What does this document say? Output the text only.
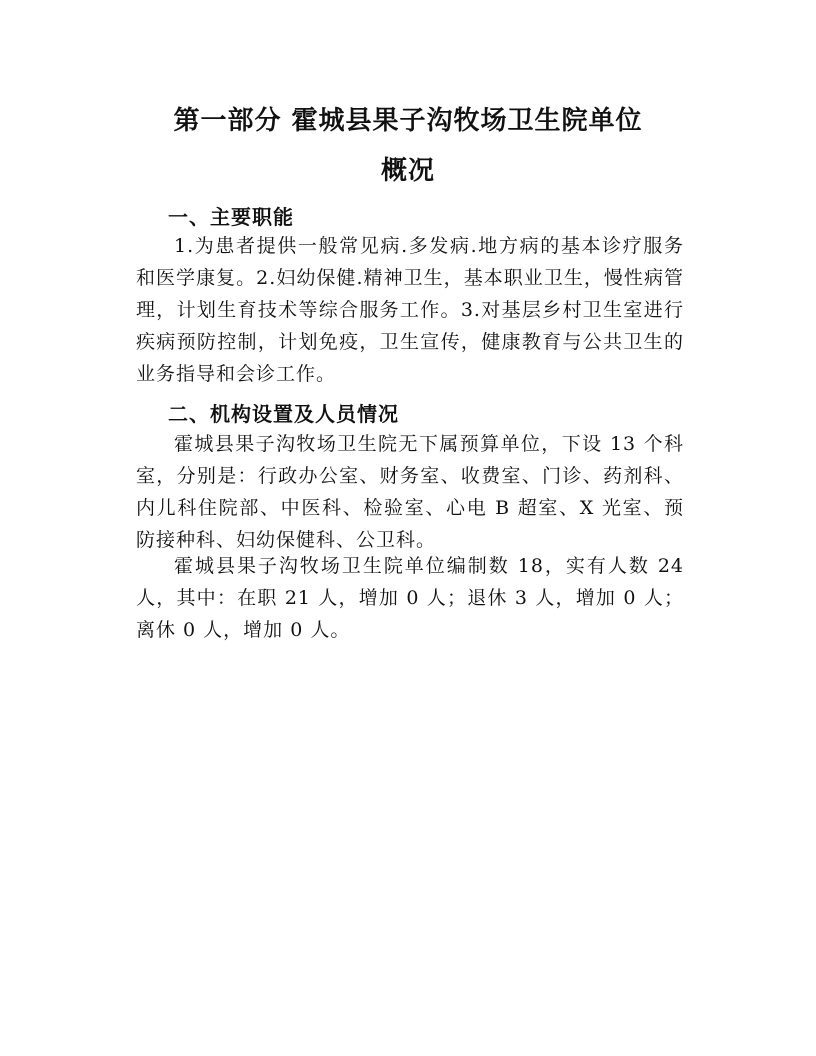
第一部分 霍城县果子沟牧场卫生院单位
概况
一、主要职能
1.为患者提供一般常见病.多发病.地方病的基本诊疗服务和医学康复。2.妇幼保健.精神卫生，基本职业卫生，慢性病管理，计划生育技术等综合服务工作。3.对基层乡村卫生室进行疾病预防控制，计划免疫，卫生宣传，健康教育与公共卫生的业务指导和会诊工作。
二、机构设置及人员情况
霍城县果子沟牧场卫生院无下属预算单位，下设 13 个科室，分别是：行政办公室、财务室、收费室、门诊、药剂科、内儿科住院部、中医科、检验室、心电 B 超室、X 光室、预防接种科、妇幼保健科、公卫科。
霍城县果子沟牧场卫生院单位编制数 18，实有人数 24 人，其中：在职 21 人，增加 0 人；退休 3 人，增加 0 人；离休 0 人，增加 0 人。
